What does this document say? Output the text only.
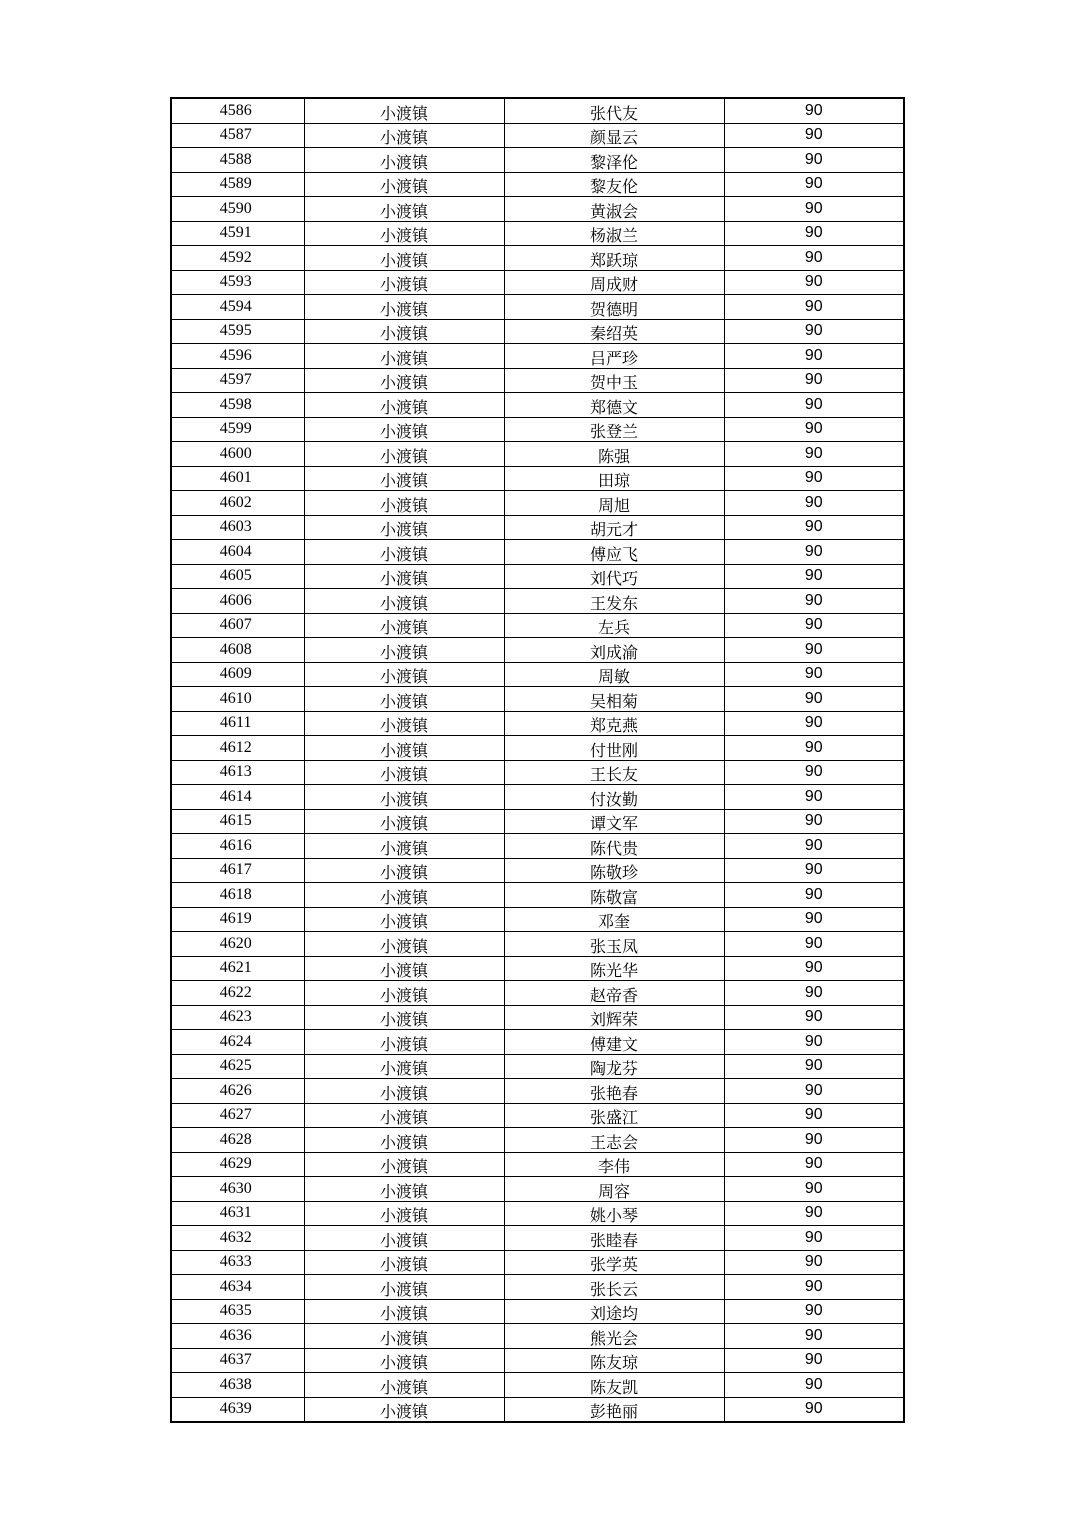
4586	小渡镇	张代友	90
4587	小渡镇	颜显云	90
4588	小渡镇	黎泽伦	90
4589	小渡镇	黎友伦	90
4590	小渡镇	黄淑会	90
4591	小渡镇	杨淑兰	90
4592	小渡镇	郑跃琼	90
4593	小渡镇	周成财	90
4594	小渡镇	贺德明	90
4595	小渡镇	秦绍英	90
4596	小渡镇	吕严珍	90
4597	小渡镇	贺中玉	90
4598	小渡镇	郑德文	90
4599	小渡镇	张登兰	90
4600	小渡镇	陈强	90
4601	小渡镇	田琼	90
4602	小渡镇	周旭	90
4603	小渡镇	胡元才	90
4604	小渡镇	傅应飞	90
4605	小渡镇	刘代巧	90
4606	小渡镇	王发东	90
4607	小渡镇	左兵	90
4608	小渡镇	刘成渝	90
4609	小渡镇	周敏	90
4610	小渡镇	吴相菊	90
4611	小渡镇	郑克燕	90
4612	小渡镇	付世刚	90
4613	小渡镇	王长友	90
4614	小渡镇	付汝勤	90
4615	小渡镇	谭文军	90
4616	小渡镇	陈代贵	90
4617	小渡镇	陈敬珍	90
4618	小渡镇	陈敬富	90
4619	小渡镇	邓奎	90
4620	小渡镇	张玉凤	90
4621	小渡镇	陈光华	90
4622	小渡镇	赵帝香	90
4623	小渡镇	刘辉荣	90
4624	小渡镇	傅建文	90
4625	小渡镇	陶龙芬	90
4626	小渡镇	张艳春	90
4627	小渡镇	张盛江	90
4628	小渡镇	王志会	90
4629	小渡镇	李伟	90
4630	小渡镇	周容	90
4631	小渡镇	姚小琴	90
4632	小渡镇	张睦春	90
4633	小渡镇	张学英	90
4634	小渡镇	张长云	90
4635	小渡镇	刘途均	90
4636	小渡镇	熊光会	90
4637	小渡镇	陈友琼	90
4638	小渡镇	陈友凯	90
4639	小渡镇	彭艳丽	90
